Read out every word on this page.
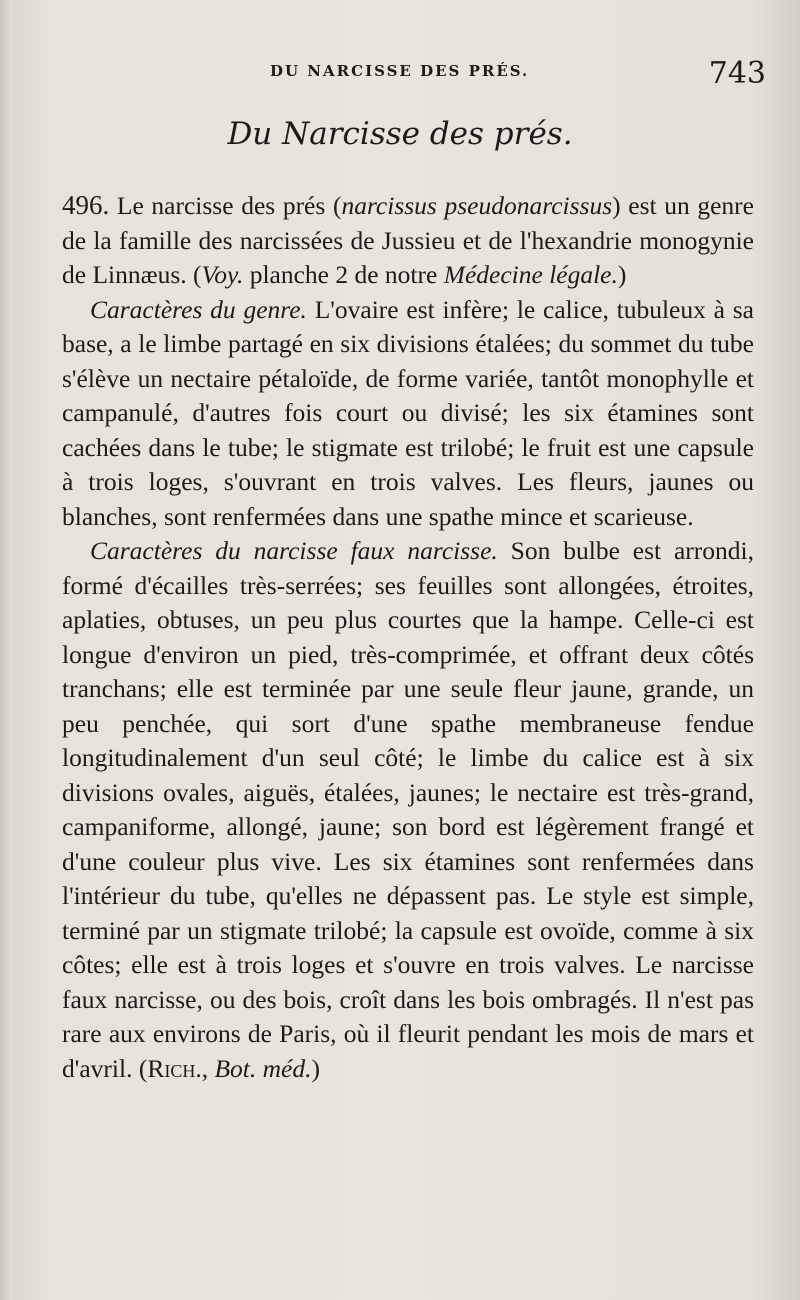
DU NARCISSE DES PRÉS.	743
Du Narcisse des prés.

496. Le narcisse des prés (narcissus pseudonarcissus) est un genre de la famille des narcissées de Jussieu et de l'hexandrie monogynie de Linnæus. (Voy. planche 2 de notre Médecine légale.)

Caractères du genre. L'ovaire est infère; le calice, tubuleux à sa base, a le limbe partagé en six divisions étalées; du sommet du tube s'élève un nectaire pétaloïde, de forme variée, tantôt monophylle et campanulé, d'autres fois court ou divisé; les six étamines sont cachées dans le tube; le stigmate est trilobé; le fruit est une capsule à trois loges, s'ouvrant en trois valves. Les fleurs, jaunes ou blanches, sont renfermées dans une spathe mince et scarieuse.

Caractères du narcisse faux narcisse. Son bulbe est arrondi, formé d'écailles très-serrées; ses feuilles sont allongées, étroites, aplaties, obtuses, un peu plus courtes que la hampe. Celle-ci est longue d'environ un pied, très-comprimée, et offrant deux côtés tranchans; elle est terminée par une seule fleur jaune, grande, un peu penchée, qui sort d'une spathe membraneuse fendue longitudinalement d'un seul côté; le limbe du calice est à six divisions ovales, aiguës, étalées, jaunes; le nectaire est très-grand, campaniforme, allongé, jaune; son bord est légèrement frangé et d'une couleur plus vive. Les six étamines sont renfermées dans l'intérieur du tube, qu'elles ne dépassent pas. Le style est simple, terminé par un stigmate trilobé; la capsule est ovoïde, comme à six côtes; elle est à trois loges et s'ouvre en trois valves. Le narcisse faux narcisse, ou des bois, croît dans les bois ombragés. Il n'est pas rare aux environs de Paris, où il fleurit pendant les mois de mars et d'avril. (Rich., Bot. méd.)
